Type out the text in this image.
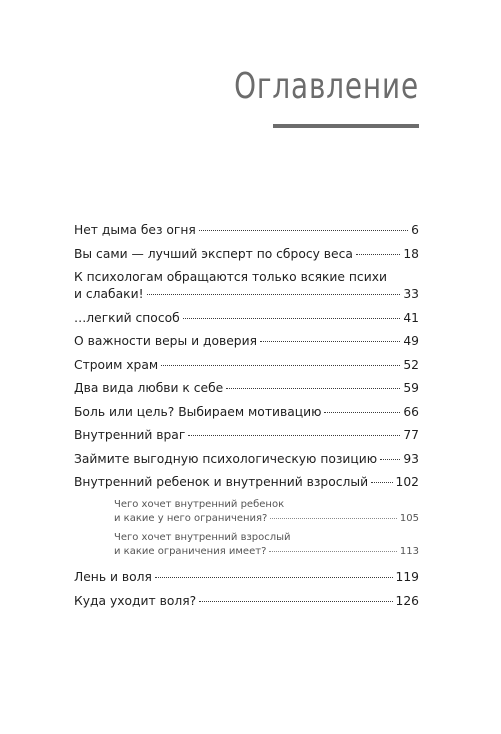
Оглавление
Нет дыма без огня	6
Вы сами — лучший эксперт по сбросу веса	18
К психологам обращаются только всякие психи
и слабаки!	33
…легкий способ	41
О важности веры и доверия	49
Строим храм	52
Два вида любви к себе	59
Боль или цель? Выбираем мотивацию	66
Внутренний враг	77
Займите выгодную психологическую позицию 93
Внутренний ребенок и внутренний взрослый 102
Чего хочет внутренний ребенок
и какие у него ограничения?	105
Чего хочет внутренний взрослый
и какие ограничения имеет?	113
Лень и воля	119
Куда уходит воля?	126
